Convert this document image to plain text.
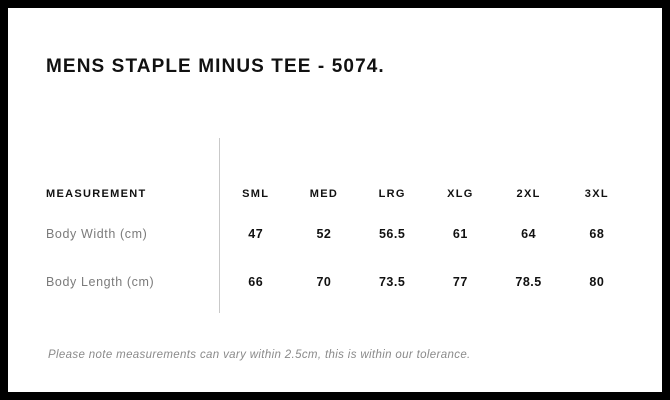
MENS STAPLE MINUS TEE - 5074.
MEASUREMENT	SML	MED	LRG	XLG	2XL	3XL
Body Width (cm)	47	52	56.5	61	64	68
Body Length (cm)	66	70	73.5	77	78.5	80
Please note measurements can vary within 2.5cm, this is within our tolerance.
